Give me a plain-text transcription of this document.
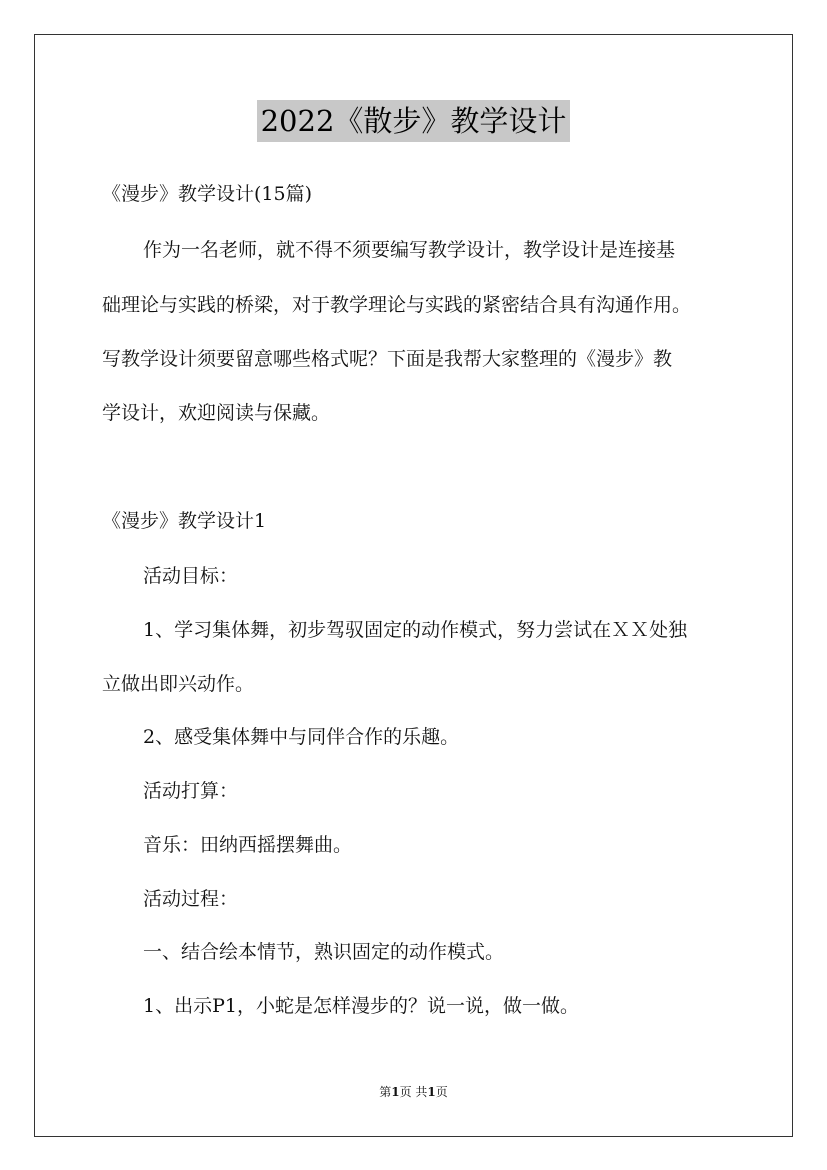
2022《散步》教学设计
《漫步》教学设计(15篇)
作为一名老师，就不得不须要编写教学设计，教学设计是连接基
础理论与实践的桥梁，对于教学理论与实践的紧密结合具有沟通作用。
写教学设计须要留意哪些格式呢？下面是我帮大家整理的《漫步》教
学设计，欢迎阅读与保藏。
《漫步》教学设计1
活动目标：
1、学习集体舞，初步驾驭固定的动作模式，努力尝试在ＸＸ处独
立做出即兴动作。
2、感受集体舞中与同伴合作的乐趣。
活动打算：
音乐：田纳西摇摆舞曲。
活动过程：
一、结合绘本情节，熟识固定的动作模式。
1、出示P1，小蛇是怎样漫步的？说一说，做一做。
第1页 共1页
